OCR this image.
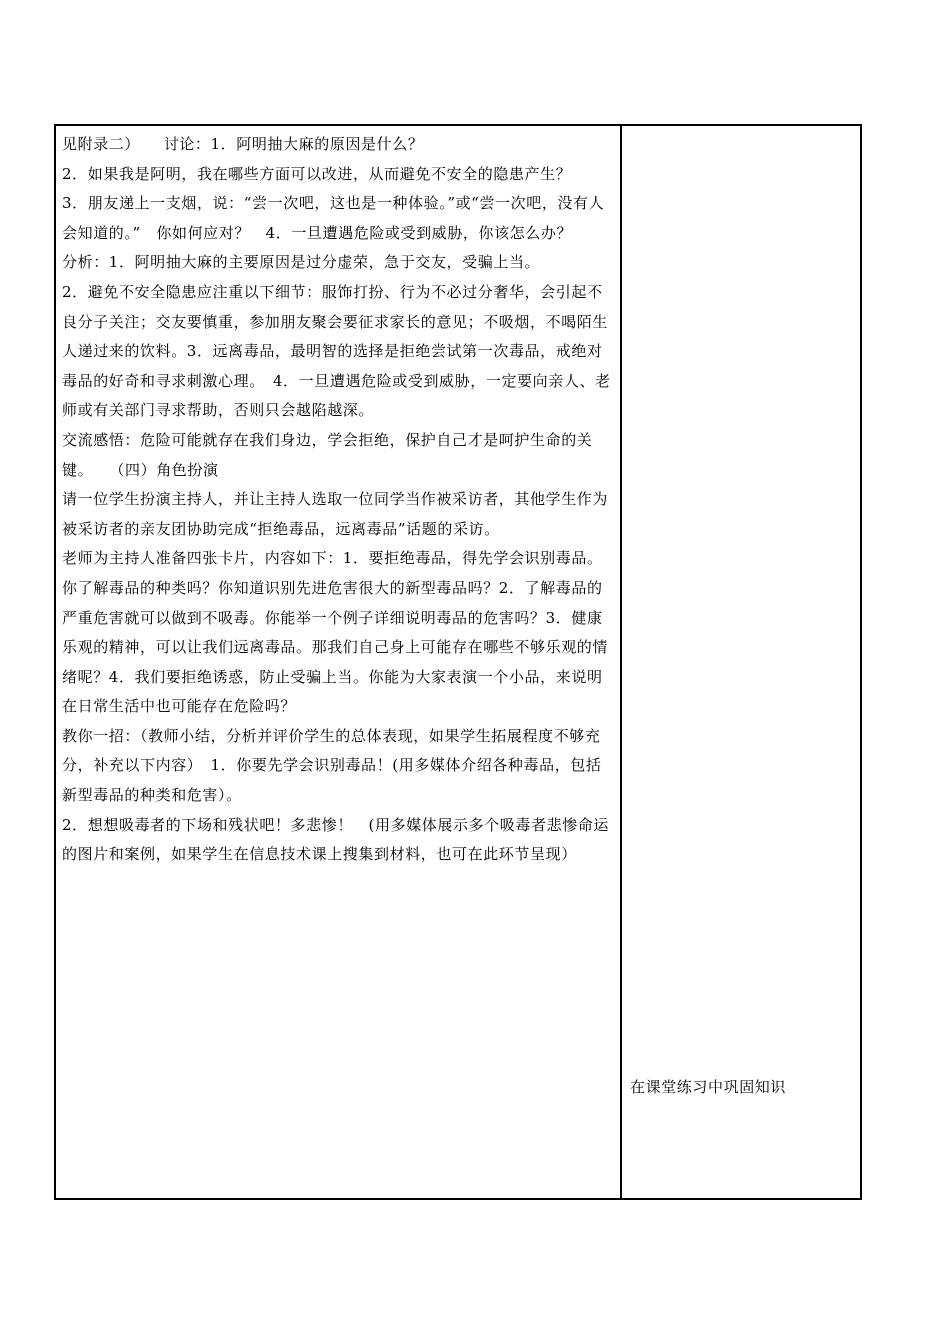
见附录二）　　讨论：1．阿明抽大麻的原因是什么？

2．如果我是阿明，我在哪些方面可以改进，从而避免不安全的隐患产生？

3．朋友递上一支烟，说：“尝一次吧，这也是一种体验。”或“尝一次吧，没有人会知道的。”　你如何应对？　4．一旦遭遇危险或受到威胁，你该怎么办？

分析：1．阿明抽大麻的主要原因是过分虚荣，急于交友，受骗上当。

2．避免不安全隐患应注重以下细节：服饰打扮、行为不必过分奢华，会引起不良分子关注；交友要慎重，参加朋友聚会要征求家长的意见；不吸烟，不喝陌生人递过来的饮料。3．远离毒品，最明智的选择是拒绝尝试第一次毒品，戒绝对毒品的好奇和寻求刺激心理。　4．一旦遭遇危险或受到威胁，一定要向亲人、老师或有关部门寻求帮助，否则只会越陷越深。

交流感悟：危险可能就存在我们身边，学会拒绝，保护自己才是呵护生命的关键。　　（四）角色扮演

请一位学生扮演主持人，并让主持人选取一位同学当作被采访者，其他学生作为被采访者的亲友团协助完成“拒绝毒品，远离毒品”话题的采访。

老师为主持人准备四张卡片，内容如下：1．要拒绝毒品，得先学会识别毒品。你了解毒品的种类吗？你知道识别先进危害很大的新型毒品吗？2．了解毒品的严重危害就可以做到不吸毒。你能举一个例子详细说明毒品的危害吗？3．健康乐观的精神，可以让我们远离毒品。那我们自己身上可能存在哪些不够乐观的情绪呢？4．我们要拒绝诱惑，防止受骗上当。你能为大家表演一个小品，来说明在日常生活中也可能存在危险吗？

教你一招：（教师小结，分析并评价学生的总体表现，如果学生拓展程度不够充分，补充以下内容）　1．你要先学会识别毒品！(用多媒体介绍各种毒品，包括新型毒品的种类和危害）。

2．想想吸毒者的下场和残状吧！多悲惨！　(用多媒体展示多个吸毒者悲惨命运的图片和案例，如果学生在信息技术课上搜集到材料，也可在此环节呈现）

在课堂练习中巩固知识
